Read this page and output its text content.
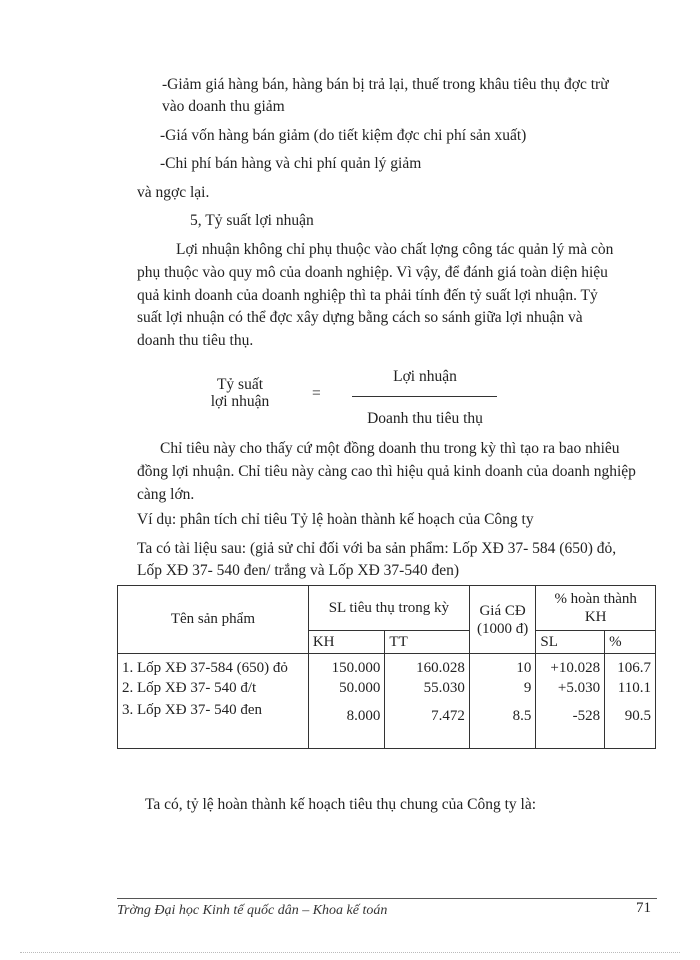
-Giảm giá hàng bán, hàng bán bị trả lại, thuế trong khâu tiêu thụ đợc trừ
vào doanh thu giảm
-Giá vốn hàng bán giảm (do tiết kiệm đợc chi phí sản xuất)
-Chi phí bán hàng và chi phí quản lý giảm
và ngợc lại.
5, Tỷ suất lợi nhuận
Lợi nhuận không chỉ phụ thuộc vào chất lợng công tác quản lý mà còn
phụ thuộc vào quy mô của doanh nghiệp. Vì vậy, để đánh giá toàn diện hiệu
quả kinh doanh của doanh nghiệp thì ta phải tính đến tỷ suất lợi nhuận. Tỷ
suất lợi nhuận có thể đợc xây dựng bằng cách so sánh giữa lợi nhuận và
doanh thu tiêu thụ.
Tỷ suất
lợi nhuận	=
Lợi nhuận
Doanh thu tiêu thụ
Chỉ tiêu này cho thấy cứ một đồng doanh thu trong kỳ thì tạo ra bao nhiêu
đồng lợi nhuận. Chỉ tiêu này càng cao thì hiệu quả kinh doanh của doanh nghiệp
càng lớn.
Ví dụ: phân tích chỉ tiêu Tỷ lệ hoàn thành kế hoạch của Công ty
Ta có tài liệu sau: (giả sử chỉ đối với ba sản phẩm: Lốp XĐ 37- 584 (650) đỏ,
Lốp XĐ 37- 540 đen/ trắng và Lốp XĐ 37-540 đen)
Tên sản phẩm	SL tiêu thụ trong kỳ		Giá CĐ
(1000 đ)	% hoàn thành
KH	
	KH	TT		SL	%
1. Lốp XĐ 37-584 (650) đỏ	150.000	160.028	10	+10.028	106.7
2. Lốp XĐ 37- 540 đ/t	50.000	55.030	9	+5.030	110.1
3. Lốp XĐ 37- 540 đen	8.000	7.472	8.5	-528	90.5
Ta có, tỷ lệ hoàn thành kế hoạch tiêu thụ chung của Công ty là:
Trờng Đại học Kinh tế quốc dân – Khoa kế toán	71
